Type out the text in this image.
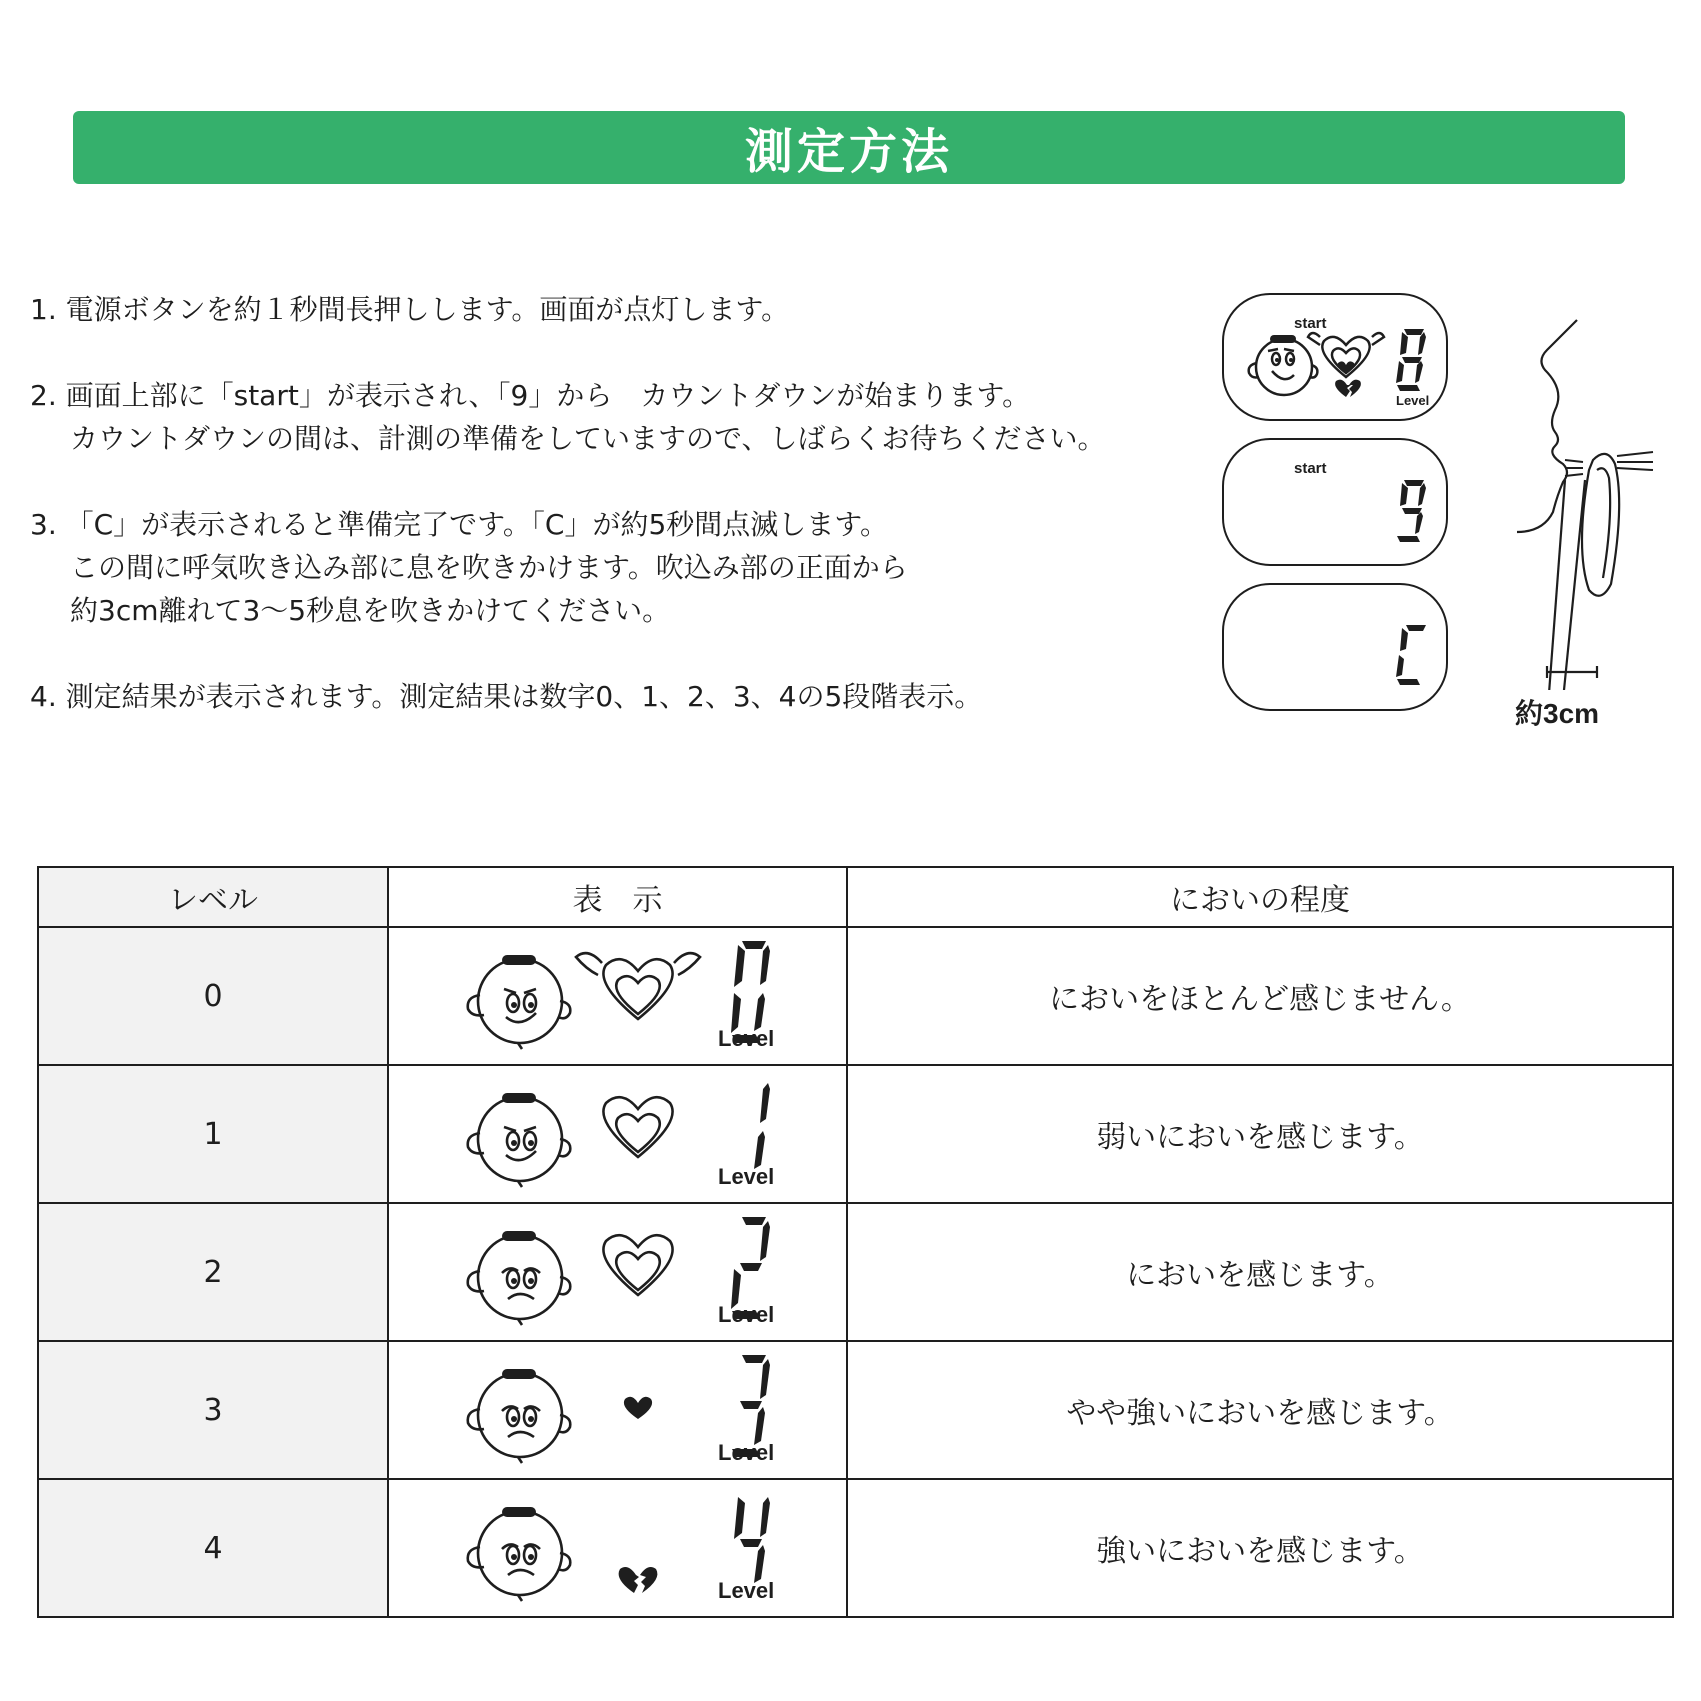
測定方法
1. 電源ボタンを約１秒間長押しします。画面が点灯します。
2. 画面上部に「start」が表示され、「9」から　カウントダウンが始まります。
カウントダウンの間は、計測の準備をしていますので、しばらくお待ちください。
3. 「C」が表示されると準備完了です。「C」が約5秒間点滅します。
この間に呼気吹き込み部に息を吹きかけます。吹込み部の正面から
約3cm離れて3～5秒息を吹きかけてください。
4. 測定結果が表示されます。測定結果は数字0、1、2、3、4の5段階表示。
start
Level
start
約3cm
レベル	表　示	においの程度
0	Level	においをほとんど感じません。
1	Level	弱いにおいを感じます。
2	Level	においを感じます。
3	Level	やや強いにおいを感じます。
4	Level	強いにおいを感じます。
